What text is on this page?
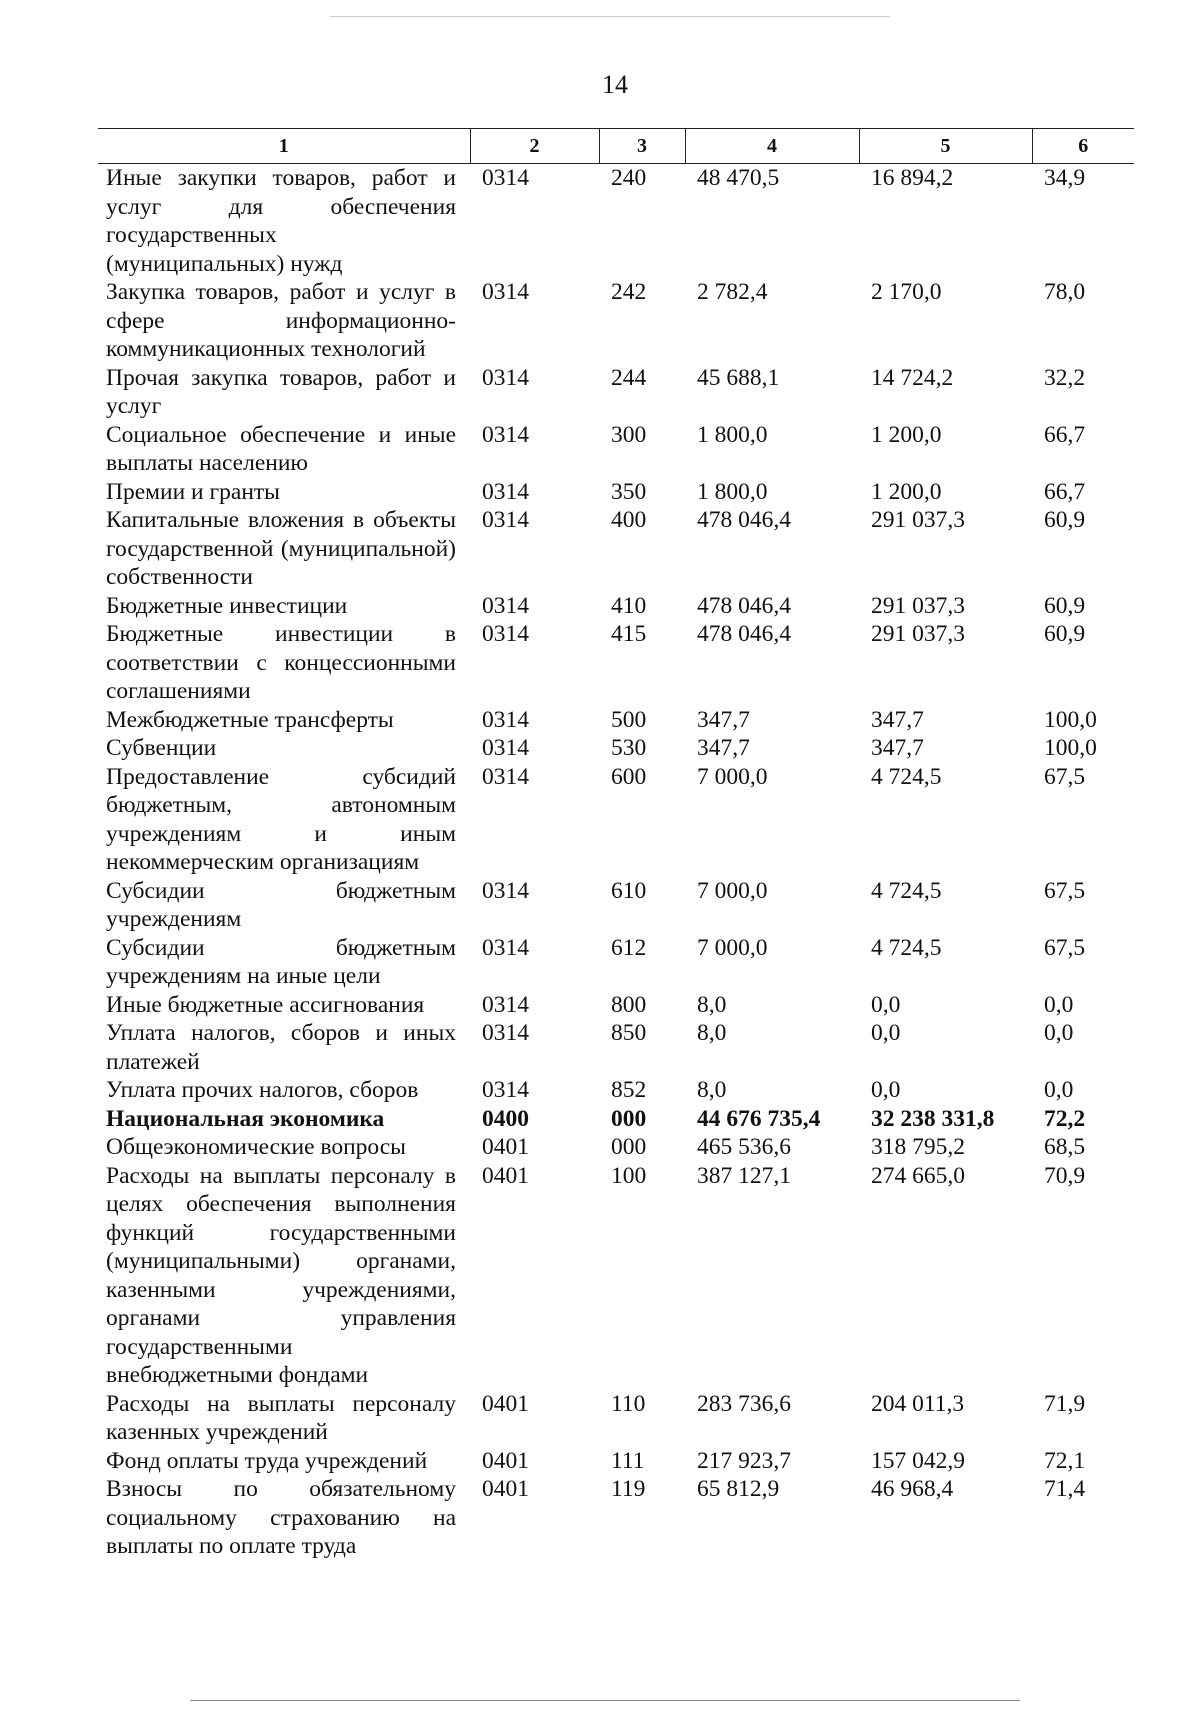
14
1	2	3	4	5	6
Иные закупки товаров, работ и услуг для обеспечения государственных (муниципальных) нужд	0314	240	48 470,5	16 894,2	34,9
Закупка товаров, работ и услуг в сфере информационно-коммуникационных технологий	0314	242	2 782,4	2 170,0	78,0
Прочая закупка товаров, работ и услуг	0314	244	45 688,1	14 724,2	32,2
Социальное обеспечение и иные выплаты населению	0314	300	1 800,0	1 200,0	66,7
Премии и гранты	0314	350	1 800,0	1 200,0	66,7
Капитальные вложения в объекты государственной (муниципальной) собственности	0314	400	478 046,4	291 037,3	60,9
Бюджетные инвестиции	0314	410	478 046,4	291 037,3	60,9
Бюджетные инвестиции в соответствии с концессионными соглашениями	0314	415	478 046,4	291 037,3	60,9
Межбюджетные трансферты	0314	500	347,7	347,7	100,0
Субвенции	0314	530	347,7	347,7	100,0
Предоставление субсидий бюджетным, автономным учреждениям и иным некоммерческим организациям	0314	600	7 000,0	4 724,5	67,5
Субсидии бюджетным учреждениям	0314	610	7 000,0	4 724,5	67,5
Субсидии бюджетным учреждениям на иные цели	0314	612	7 000,0	4 724,5	67,5
Иные бюджетные ассигнования	0314	800	8,0	0,0	0,0
Уплата налогов, сборов и иных платежей	0314	850	8,0	0,0	0,0
Уплата прочих налогов, сборов	0314	852	8,0	0,0	0,0
Национальная экономика	0400	000	44 676 735,4	32 238 331,8	72,2
Общеэкономические вопросы	0401	000	465 536,6	318 795,2	68,5
Расходы на выплаты персоналу в целях обеспечения выполнения функций государственными (муниципальными) органами, казенными учреждениями, органами управления государственными внебюджетными фондами	0401	100	387 127,1	274 665,0	70,9
Расходы на выплаты персоналу казенных учреждений	0401	110	283 736,6	204 011,3	71,9
Фонд оплаты труда учреждений	0401	111	217 923,7	157 042,9	72,1
Взносы по обязательному социальному страхованию на выплаты по оплате труда	0401	119	65 812,9	46 968,4	71,4
